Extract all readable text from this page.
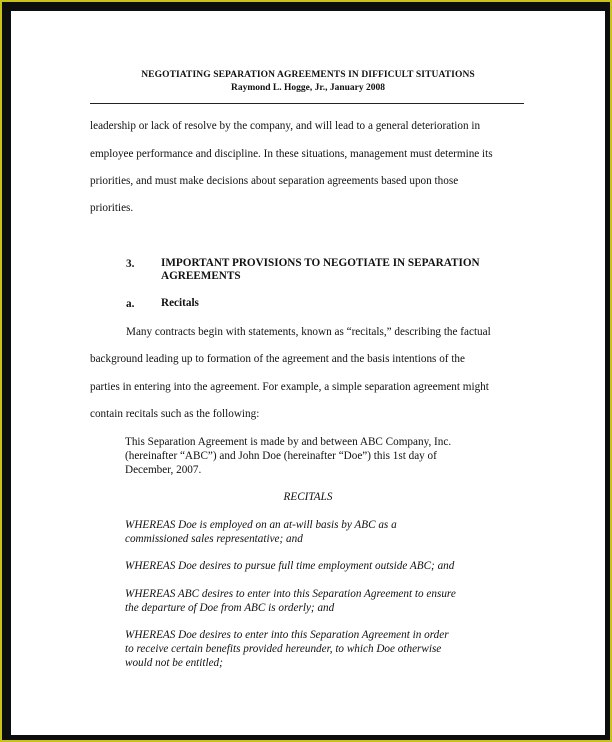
NEGOTIATING SEPARATION AGREEMENTS IN DIFFICULT SITUATIONS

Raymond L. Hogge, Jr., January 2008

leadership or lack of resolve by the company, and will lead to a general deterioration in

employee performance and discipline. In these situations, management must determine its

priorities, and must make decisions about separation agreements based upon those

priorities.

3. IMPORTANT PROVISIONS TO NEGOTIATE IN SEPARATION

AGREEMENTS

a. Recitals

Many contracts begin with statements, known as “recitals,” describing the factual

background leading up to formation of the agreement and the basis intentions of the

parties in entering into the agreement. For example, a simple separation agreement might

contain recitals such as the following:

This Separation Agreement is made by and between ABC Company, Inc.

(hereinafter “ABC”) and John Doe (hereinafter “Doe”) this 1st day of

December, 2007.

RECITALS

WHEREAS Doe is employed on an at-will basis by ABC as a

commissioned sales representative; and

WHEREAS Doe desires to pursue full time employment outside ABC; and

WHEREAS ABC desires to enter into this Separation Agreement to ensure

the departure of Doe from ABC is orderly; and

WHEREAS Doe desires to enter into this Separation Agreement in order

to receive certain benefits provided hereunder, to which Doe otherwise

would not be entitled;
